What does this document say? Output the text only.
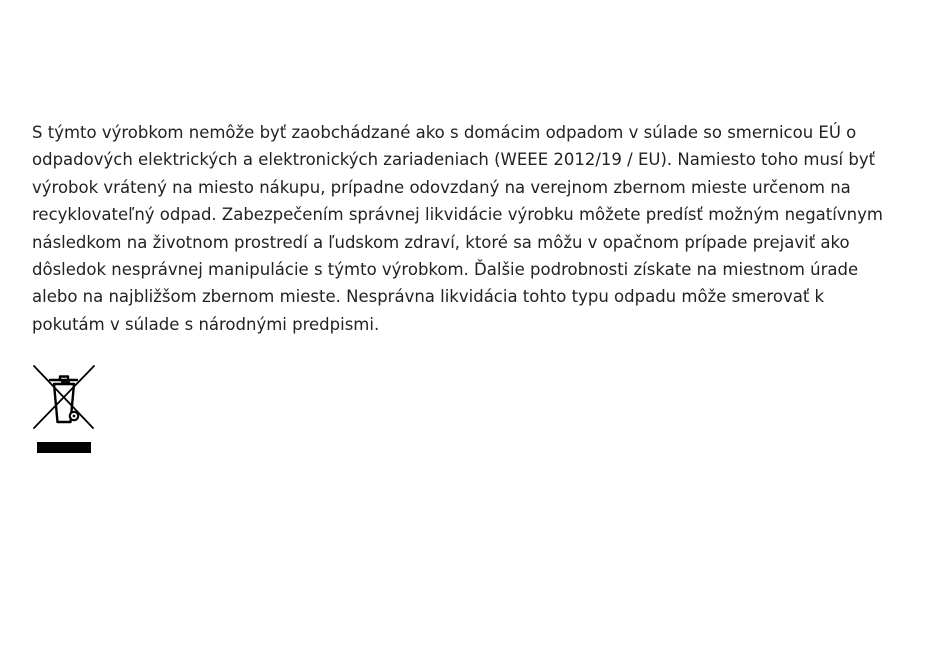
S týmto výrobkom nemôže byť zaobchádzané ako s domácim odpadom v súlade so smernicou EÚ o
odpadových elektrických a elektronických zariadeniach (WEEE 2012/19 / EU). Namiesto toho musí byť
výrobok vrátený na miesto nákupu, prípadne odovzdaný na verejnom zbernom mieste určenom na
recyklovateľný odpad. Zabezpečením správnej likvidácie výrobku môžete predísť možným negatívnym
následkom na životnom prostredí a ľudskom zdraví, ktoré sa môžu v opačnom prípade prejaviť ako
dôsledok nesprávnej manipulácie s týmto výrobkom. Ďalšie podrobnosti získate na miestnom úrade
alebo na najbližšom zbernom mieste. Nesprávna likvidácia tohto typu odpadu môže smerovať k
pokutám v súlade s národnými predpismi.
